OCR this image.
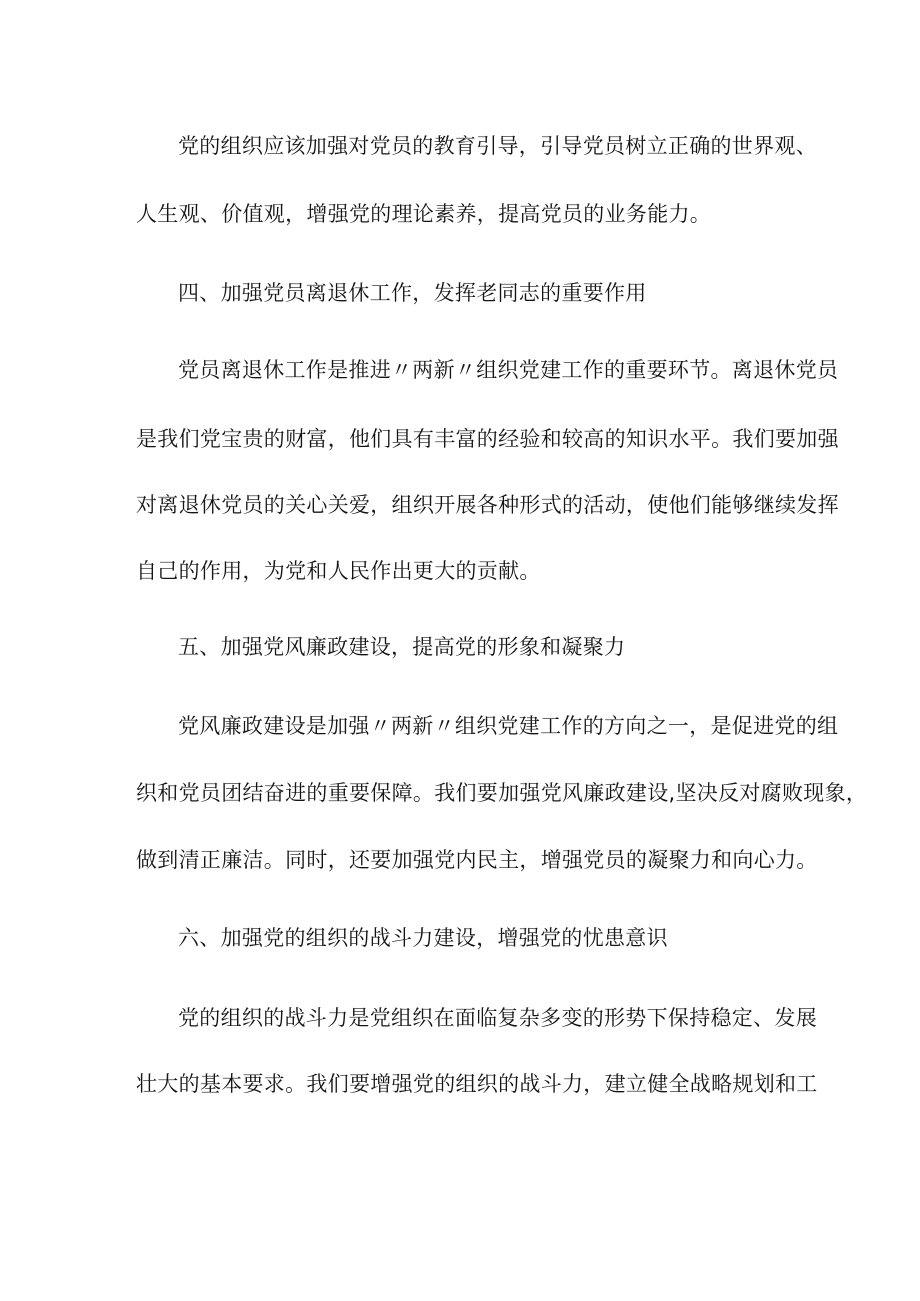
党的组织应该加强对党员的教育引导，引导党员树立正确的世界观、
人生观、价值观，增强党的理论素养，提高党员的业务能力。
四、加强党员离退休工作，发挥老同志的重要作用
党员离退休工作是推进〃两新〃组织党建工作的重要环节。离退休党员
是我们党宝贵的财富，他们具有丰富的经验和较高的知识水平。我们要加强
对离退休党员的关心关爱，组织开展各种形式的活动，使他们能够继续发挥
自己的作用，为党和人民作出更大的贡献。
五、加强党风廉政建设，提高党的形象和凝聚力
党风廉政建设是加强〃两新〃组织党建工作的方向之一，是促进党的组
织和党员团结奋进的重要保障。我们要加强党风廉政建设,坚决反对腐败现象，
做到清正廉洁。同时，还要加强党内民主，增强党员的凝聚力和向心力。
六、加强党的组织的战斗力建设，增强党的忧患意识
党的组织的战斗力是党组织在面临复杂多变的形势下保持稳定、发展
壮大的基本要求。我们要增强党的组织的战斗力，建立健全战略规划和工
